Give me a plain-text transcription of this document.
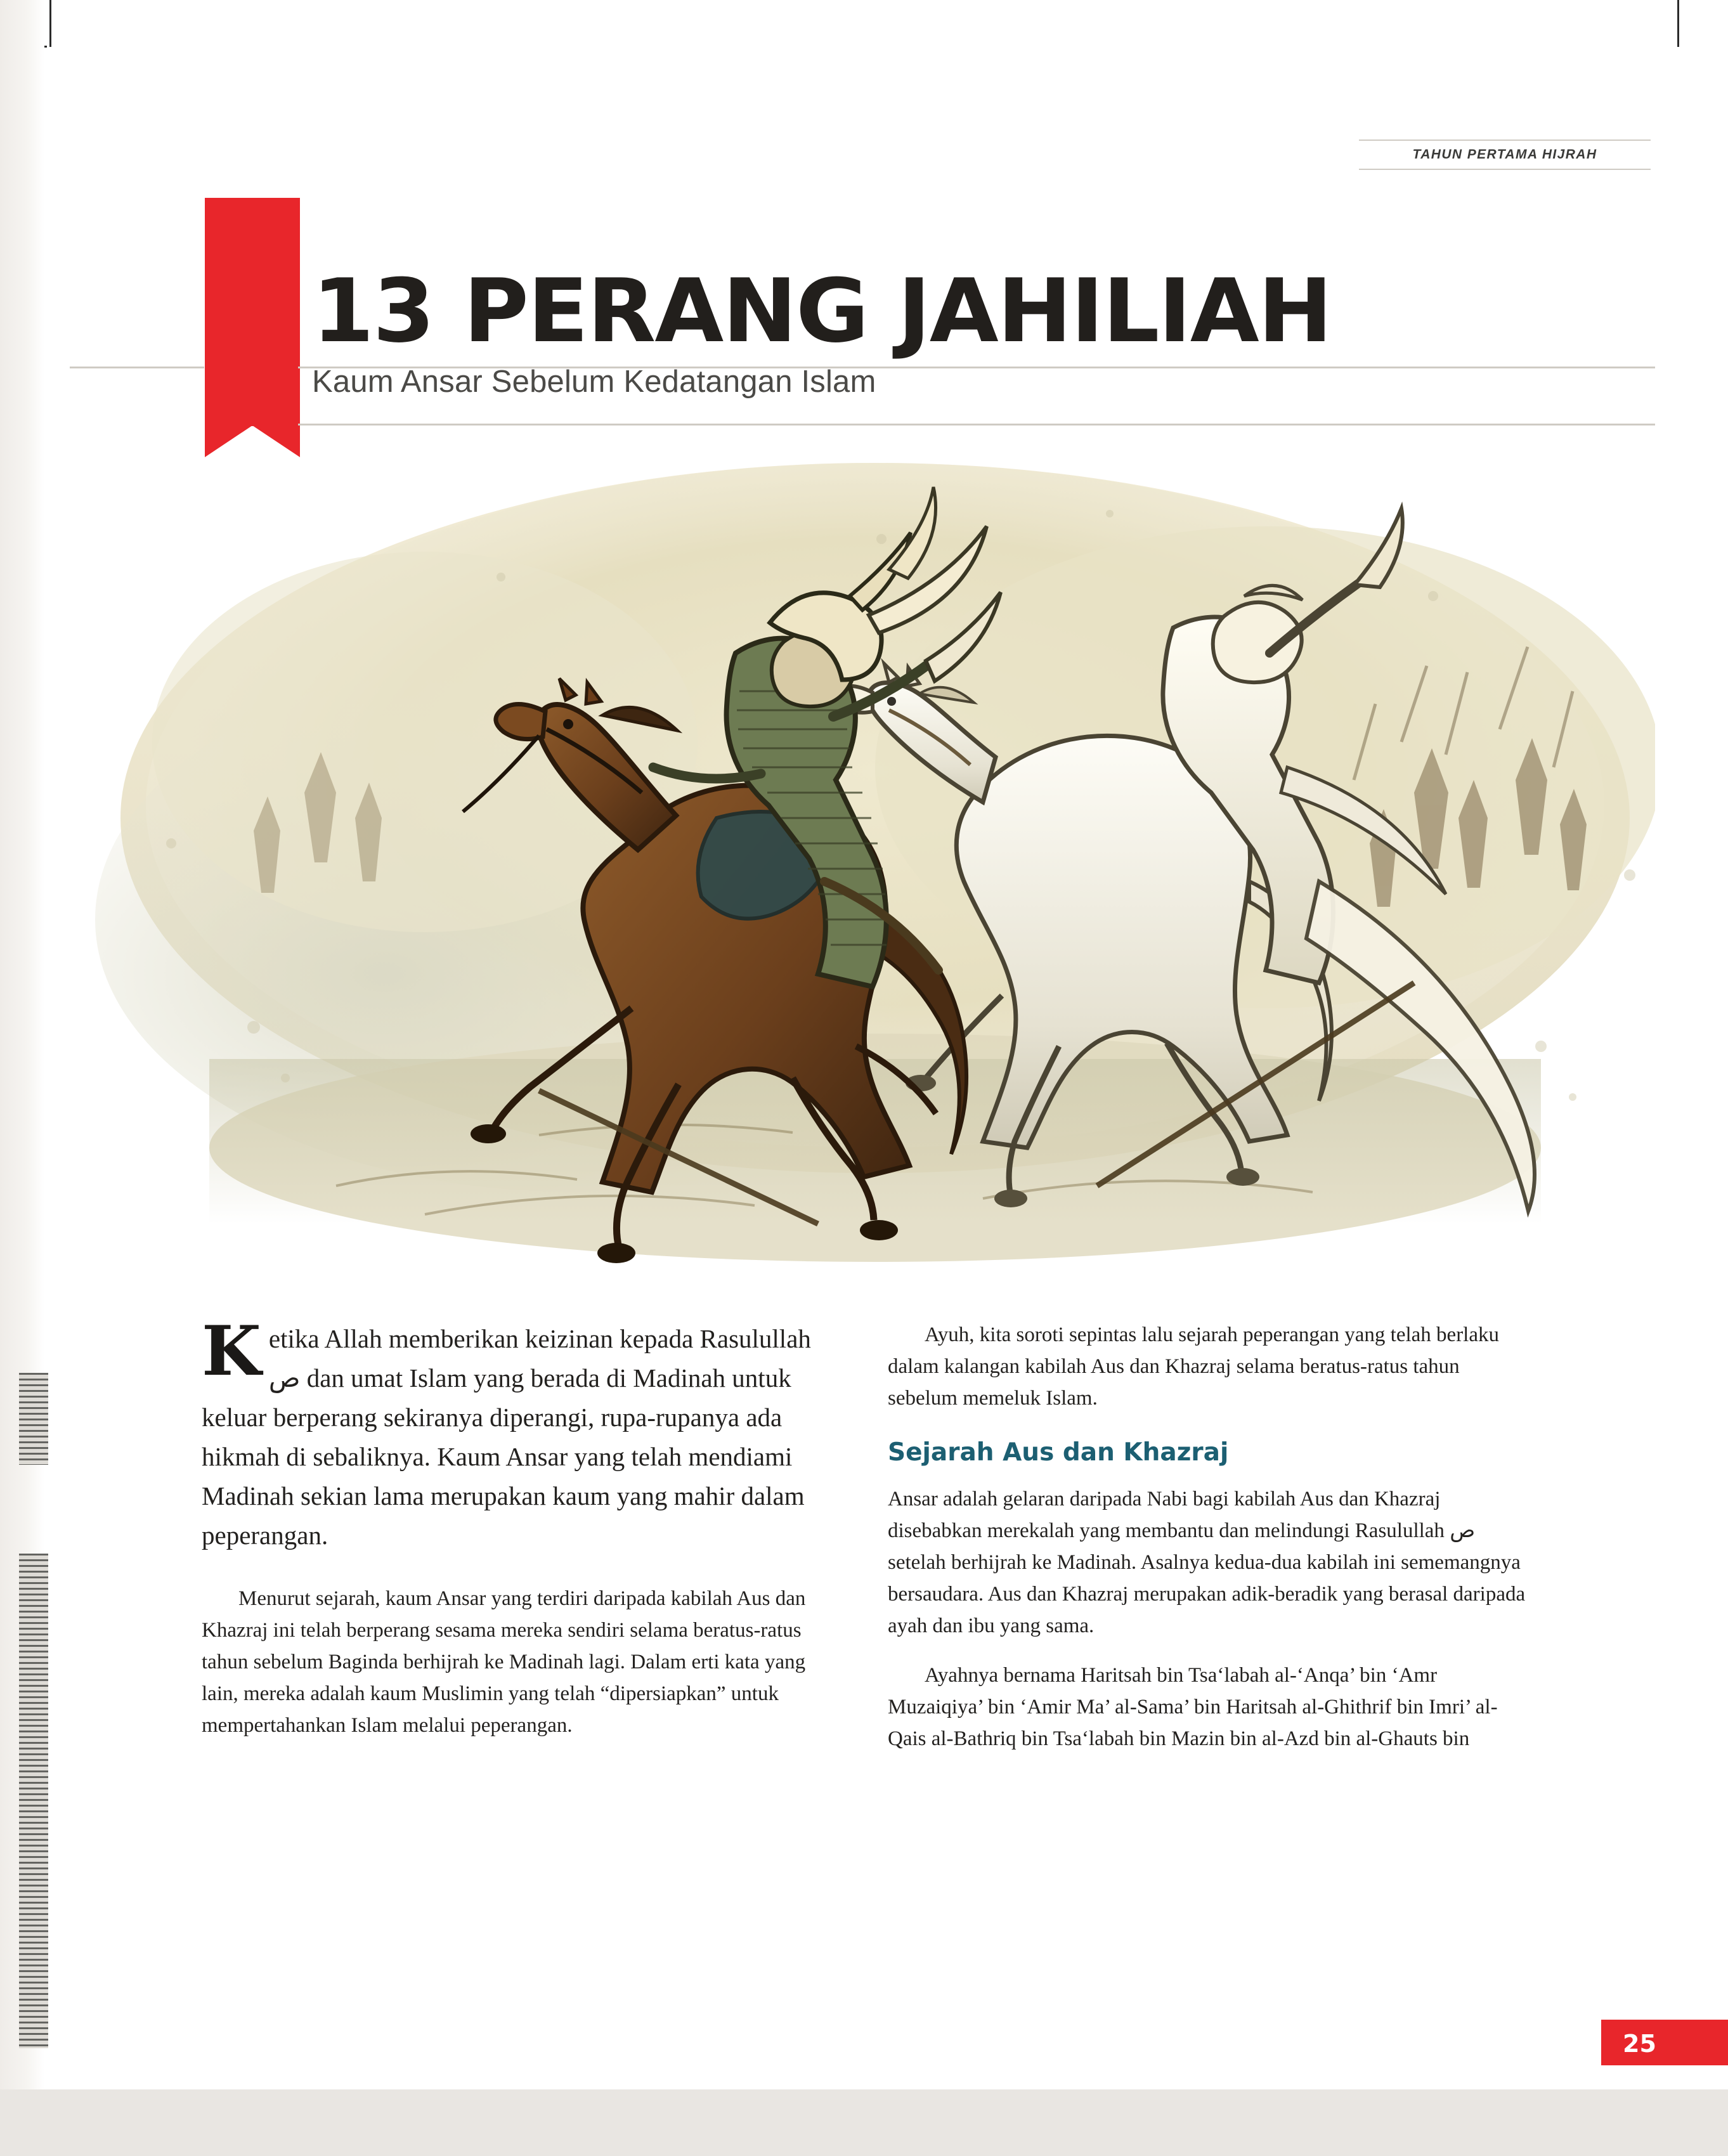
TAHUN PERTAMA HIJRAH
13 PERANG JAHILIAH
Kaum Ansar Sebelum Kedatangan Islam

Ketika Allah memberikan keizinan kepada Rasulullah ص dan umat Islam yang berada di Madinah untuk keluar berperang sekiranya diperangi, rupa-rupanya ada hikmah di sebaliknya. Kaum Ansar yang telah mendiami Madinah sekian lama merupakan kaum yang mahir dalam peperangan.

Menurut sejarah, kaum Ansar yang terdiri daripada kabilah Aus dan Khazraj ini telah berperang sesama mereka sendiri selama beratus-ratus tahun sebelum Baginda berhijrah ke Madinah lagi. Dalam erti kata yang lain, mereka adalah kaum Muslimin yang telah “dipersiapkan” untuk mempertahankan Islam melalui peperangan.

Ayuh, kita soroti sepintas lalu sejarah peperangan yang telah berlaku dalam kalangan kabilah Aus dan Khazraj selama beratus-ratus tahun sebelum memeluk Islam.

Sejarah Aus dan Khazraj

Ansar adalah gelaran daripada Nabi bagi kabilah Aus dan Khazraj disebabkan merekalah yang membantu dan melindungi Rasulullah ص setelah berhijrah ke Madinah. Asalnya kedua-dua kabilah ini sememangnya bersaudara. Aus dan Khazraj merupakan adik-beradik yang berasal daripada ayah dan ibu yang sama.

Ayahnya bernama Haritsah bin Tsa‘labah al-‘Anqa’ bin ‘Amr Muzaiqiya’ bin ‘Amir Ma’ al-Sama’ bin Haritsah al-Ghithrif bin Imri’ al-Qais al-Bathriq bin Tsa‘labah bin Mazin bin al-Azd bin al-Ghauts bin

25
